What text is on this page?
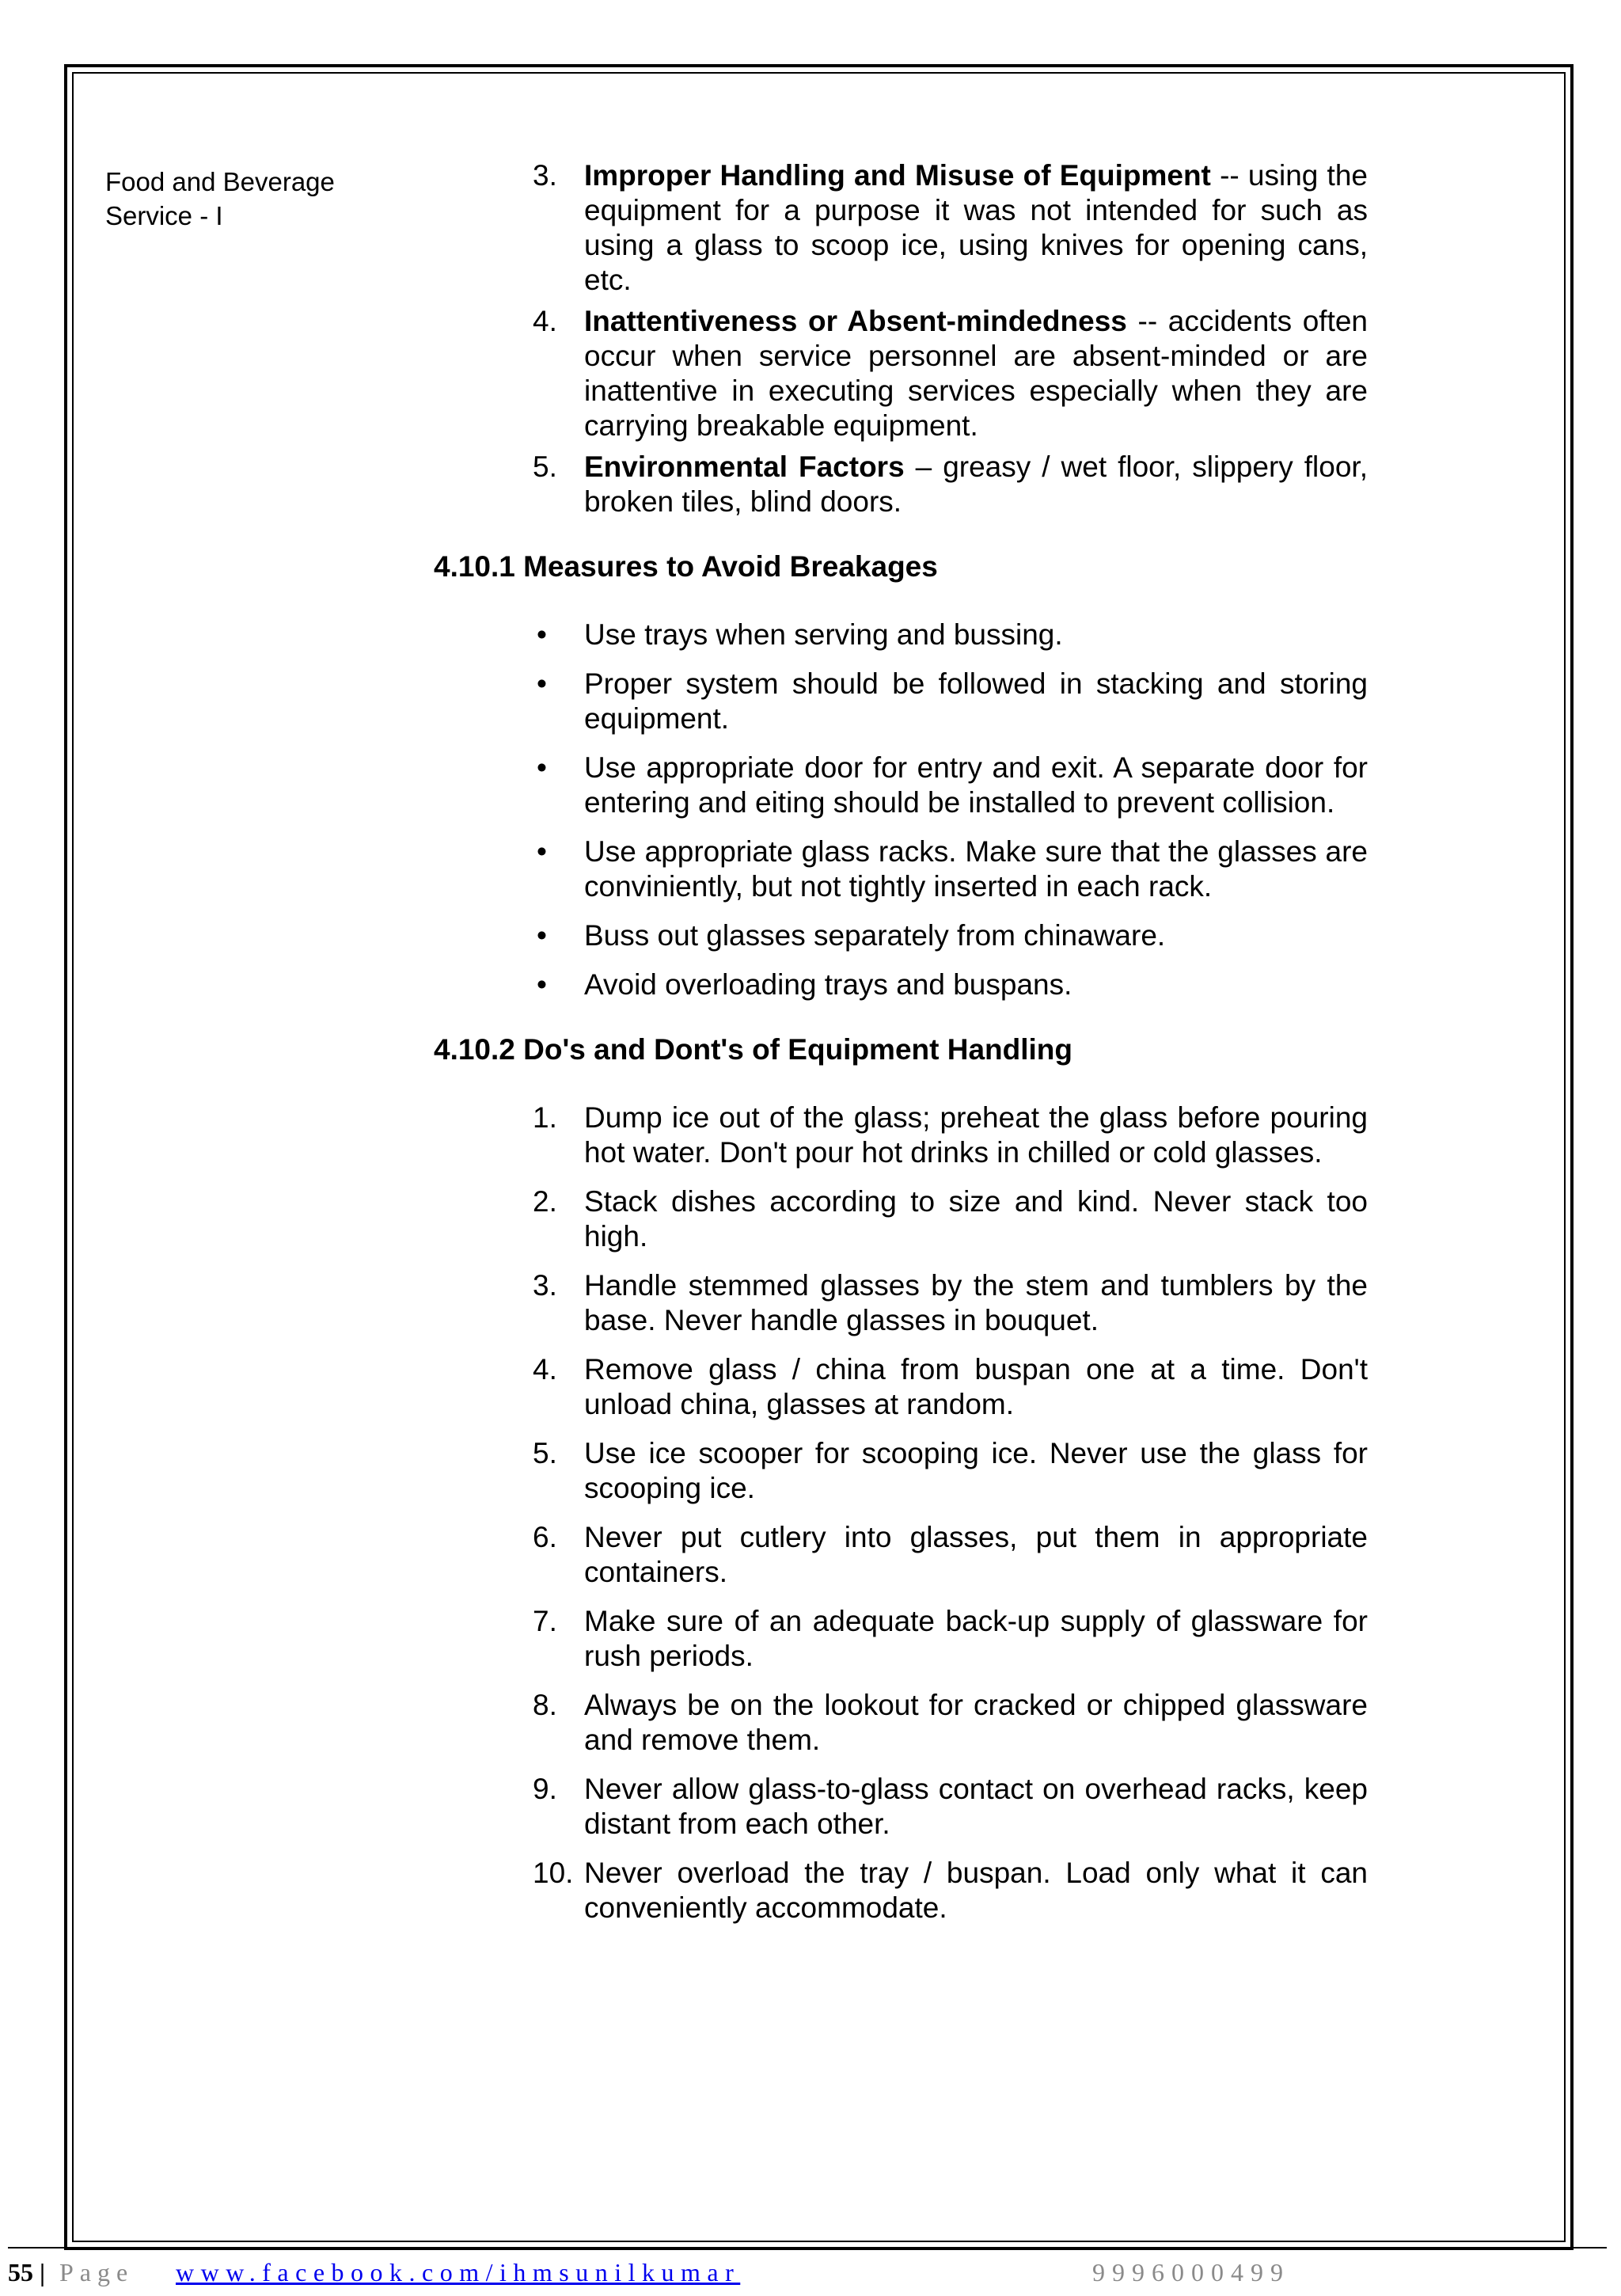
Food and Beverage
Service - I
3. Improper Handling and Misuse of Equipment -- using the equipment for a purpose it was not intended for such as using a glass to scoop ice, using knives for opening cans, etc.
4. Inattentiveness or Absent-mindedness -- accidents often occur when service personnel are absent-minded or are inattentive in executing services especially when they are carrying breakable equipment.
5. Environmental Factors – greasy / wet floor, slippery floor, broken tiles, blind doors.
4.10.1 Measures to Avoid Breakages
• Use trays when serving and bussing.
• Proper system should be followed in stacking and storing equipment.
• Use appropriate door for entry and exit. A separate door for entering and eiting should be installed to prevent collision.
• Use appropriate glass racks. Make sure that the glasses are conviniently, but not tightly inserted in each rack.
• Buss out glasses separately from chinaware.
• Avoid overloading trays and buspans.
4.10.2 Do's and Dont's of Equipment Handling
1. Dump ice out of the glass; preheat the glass before pouring hot water. Don't pour hot drinks in chilled or cold glasses.
2. Stack dishes according to size and kind. Never stack too high.
3. Handle stemmed glasses by the stem and tumblers by the base. Never handle glasses in bouquet.
4. Remove glass / china from buspan one at a time. Don't unload china, glasses at random.
5. Use ice scooper for scooping ice. Never use the glass for scooping ice.
6. Never put cutlery into glasses, put them in appropriate containers.
7. Make sure of an adequate back-up supply of glassware for rush periods.
8. Always be on the lookout for cracked or chipped glassware and remove them.
9. Never allow glass-to-glass contact on overhead racks, keep distant from each other.
10. Never overload the tray / buspan. Load only what it can conveniently accommodate.
55 | Page www.facebook.com/ihmsunilkumar	9996000499
